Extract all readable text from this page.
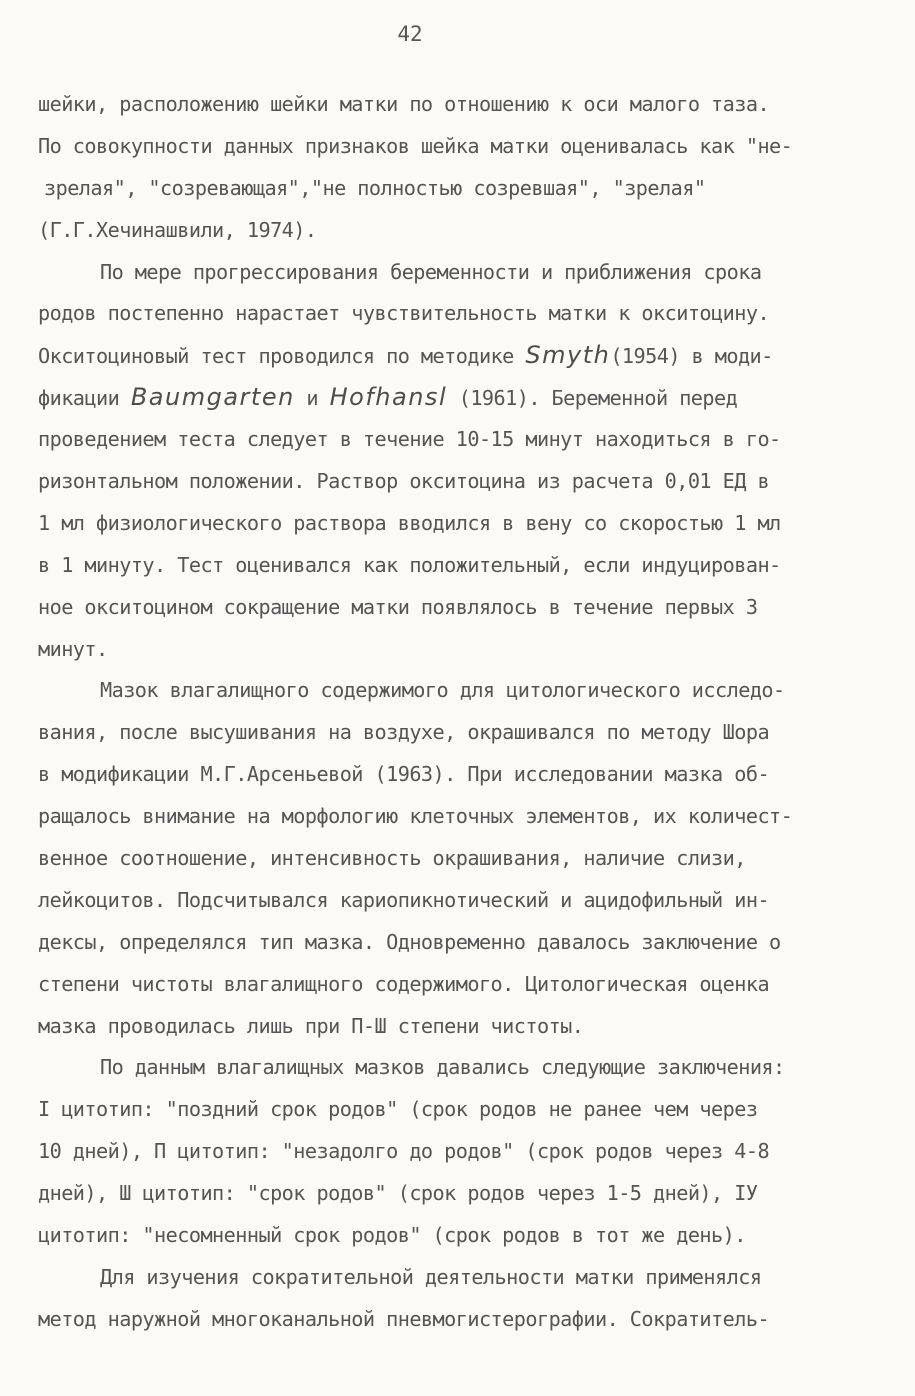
42
шейки, расположению шейки матки по отношению к оси малого таза.
По совокупности данных признаков шейка матки оценивалась как "не-
зрелая", "созревающая","не полностью созревшая", "зрелая"
(Г.Г.Хечинашвили, 1974).
По мере прогрессирования беременности и приближения срока
родов постепенно нарастает чувствительность матки к окситоцину.
Окситоциновый тест проводился по методике Smyth(1954) в моди-
фикации Baumgarten и Hofhansl (1961). Беременной перед
проведением теста следует в течение 10-15 минут находиться в го-
ризонтальном положении. Раствор окситоцина из расчета 0,01 ЕД в
1 мл физиологического раствора вводился в вену со скоростью 1 мл
в 1 минуту. Тест оценивался как положительный, если индуцирован-
ное окситоцином сокращение матки появлялось в течение первых 3
минут.
Мазок влагалищного содержимого для цитологического исследо-
вания, после высушивания на воздухе, окрашивался по методу Шора
в модификации М.Г.Арсеньевой (1963). При исследовании мазка об-
ращалось внимание на морфологию клеточных элементов, их количест-
венное соотношение, интенсивность окрашивания, наличие слизи,
лейкоцитов. Подсчитывался кариопикнотический и ацидофильный ин-
дексы, определялся тип мазка. Одновременно давалось заключение о
степени чистоты влагалищного содержимого. Цитологическая оценка
мазка проводилась лишь при П-Ш степени чистоты.
По данным влагалищных мазков давались следующие заключения:
I цитотип: "поздний срок родов" (срок родов не ранее чем через
10 дней), П цитотип: "незадолго до родов" (срок родов через 4-8
дней), Ш цитотип: "срок родов" (срок родов через 1-5 дней), IУ
цитотип: "несомненный срок родов" (срок родов в тот же день).
Для изучения сократительной деятельности матки применялся
метод наружной многоканальной пневмогистерографии. Сократитель-
